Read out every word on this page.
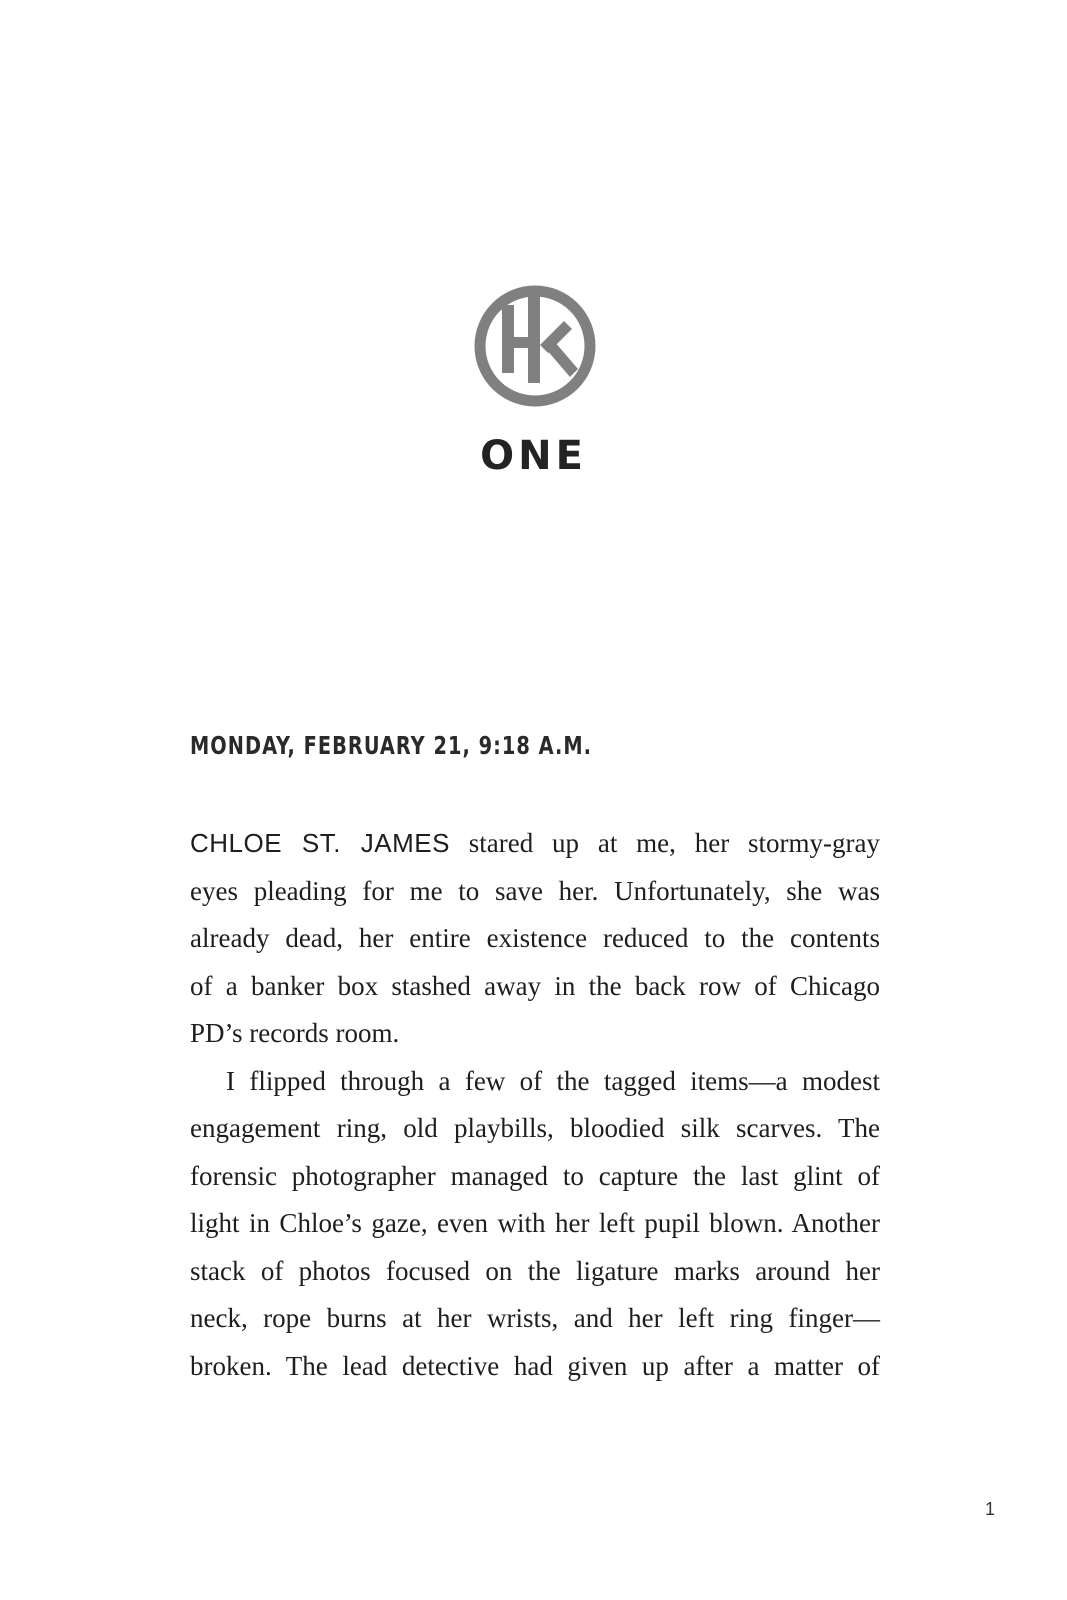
ONE
MONDAY, FEBRUARY 21, 9:18 A.M.

CHLOE ST. JAMES stared up at me, her stormy-gray
eyes pleading for me to save her. Unfortunately, she was
already dead, her entire existence reduced to the contents
of a banker box stashed away in the back row of Chicago
PD’s records room.

I flipped through a few of the tagged items—a modest
engagement ring, old playbills, bloodied silk scarves. The
forensic photographer managed to capture the last glint of
light in Chloe’s gaze, even with her left pupil blown. Another
stack of photos focused on the ligature marks around her
neck, rope burns at her wrists, and her left ring finger—
broken. The lead detective had given up after a matter of

1
